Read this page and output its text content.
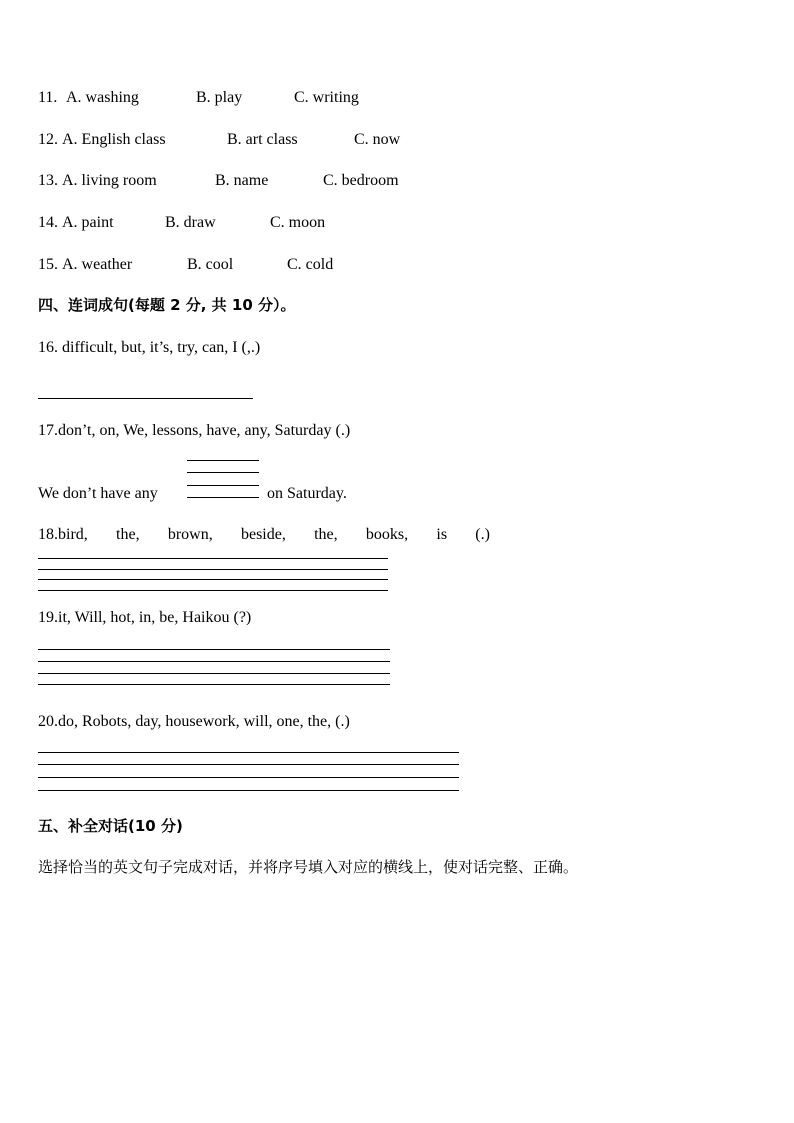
11. A. washing	B. play	C. writing
12. A. English class	B. art class	C. now
13. A. living room	B. name	C. bedroom
14. A. paint	B. draw	C. moon
15. A. weather	B. cool	C. cold
四、连词成句(每题 2 分, 共 10 分）。
16. difficult, but, it’s, try, can, I (,.)
17.don’t, on, We, lessons, have, any, Saturday (.)
We don’t have any	on Saturday.
18.bird, the, brown, beside, the, books, is (.)
19.it, Will, hot, in, be, Haikou (?)
20.do, Robots, day, housework, will, one, the, (.)
五、补全对话(10 分)
选择恰当的英文句子完成对话，并将序号填入对应的横线上，使对话完整、正确。
